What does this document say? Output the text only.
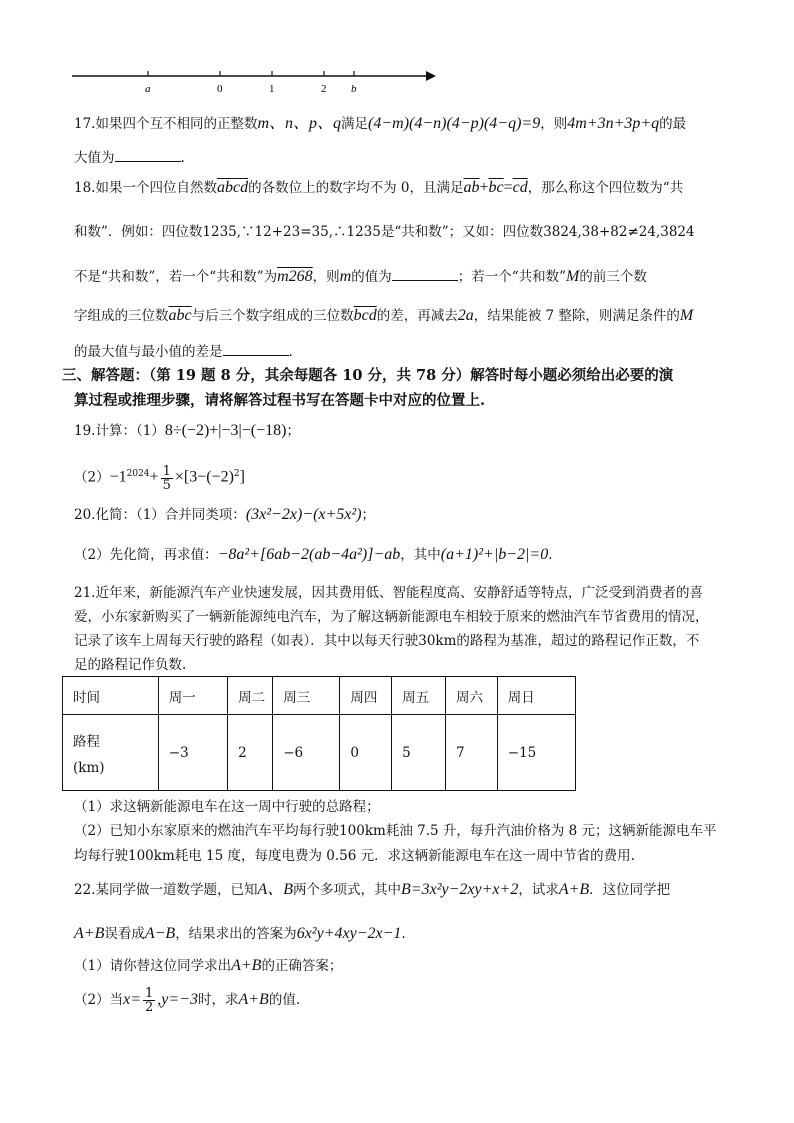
a	0	1	2 b
17.如果四个互不相同的正整数m、n、p、q满足(4−m)(4−n)(4−p)(4−q)=9，则4m+3n+3p+q的最
大值为	.
18.如果一个四位自然数abcd的各数位上的数字均不为 0，且满足$\overline{ab}+\overline{bc}=\overline{cd}$，那么称这个四位数为“共
和数”．例如：四位数1235,∵12+23=35,∴1235是“共和数”；又如：四位数3824,38+82≠24,3824
不是“共和数”，若一个“共和数”为m268，则m的值为	；若一个“共和数”M的前三个数
字组成的三位数$\overline{abc}$与后三个数字组成的三位数$\overline{bcd}$的差，再减去2a，结果能被 7 整除，则满足条件的M
的最大值与最小值的差是	.
三、解答题：（第 19 题 8 分，其余每题各 10 分，共 78 分）解答时每小题必须给出必要的演
算过程或推理步骤，请将解答过程书写在答题卡中对应的位置上.
19.计算：（1）8÷(−2)+|−3|−(−18)；
$(2)-1^{2024}+ \frac{1}{5} \times[3-(-2)^2]$
20.化简：（1）合并同类项：(3x²−2x)−(x+5x²)；
（2）先化简，再求值：−8a²+[6ab−2(ab−4a²)]−ab，其中(a+1)²+|b−2|=0.
21.近年来，新能源汽车产业快速发展，因其费用低、智能程度高、安静舒适等特点，广泛受到消费者的喜
爱，小东家新购买了一辆新能源纯电汽车，为了解这辆新能源电车相较于原来的燃油汽车节省费用的情况，
记录了该车上周每天行驶的路程（如表）．其中以每天行驶30km的路程为基准，超过的路程记作正数，不
足的路程记作负数.
时间	周一	周二	周三	周四	周五	周六	周日

路程
(km)	−3	2	−6	0	5	7	−15
（1）求这辆新能源电车在这一周中行驶的总路程；
（2）已知小东家原来的燃油汽车平均每行驶100km耗油 7.5 升，每升汽油价格为 8 元；这辆新能源电车平
均每行驶100km耗电 15 度，每度电费为 0.56 元．求这辆新能源电车在这一周中节省的费用.
22.某同学做一道数学题，已知A、B两个多项式，其中B=3x²y−2xy+x+2，试求A+B．这位同学把
A+B误看成A−B，结果求出的答案为6x²y+4xy−2x−1.
（1）请你替这位同学求出A+B的正确答案；
（2）当$x= \frac{1}{2} ,y=-3$时，求A+B的值.
